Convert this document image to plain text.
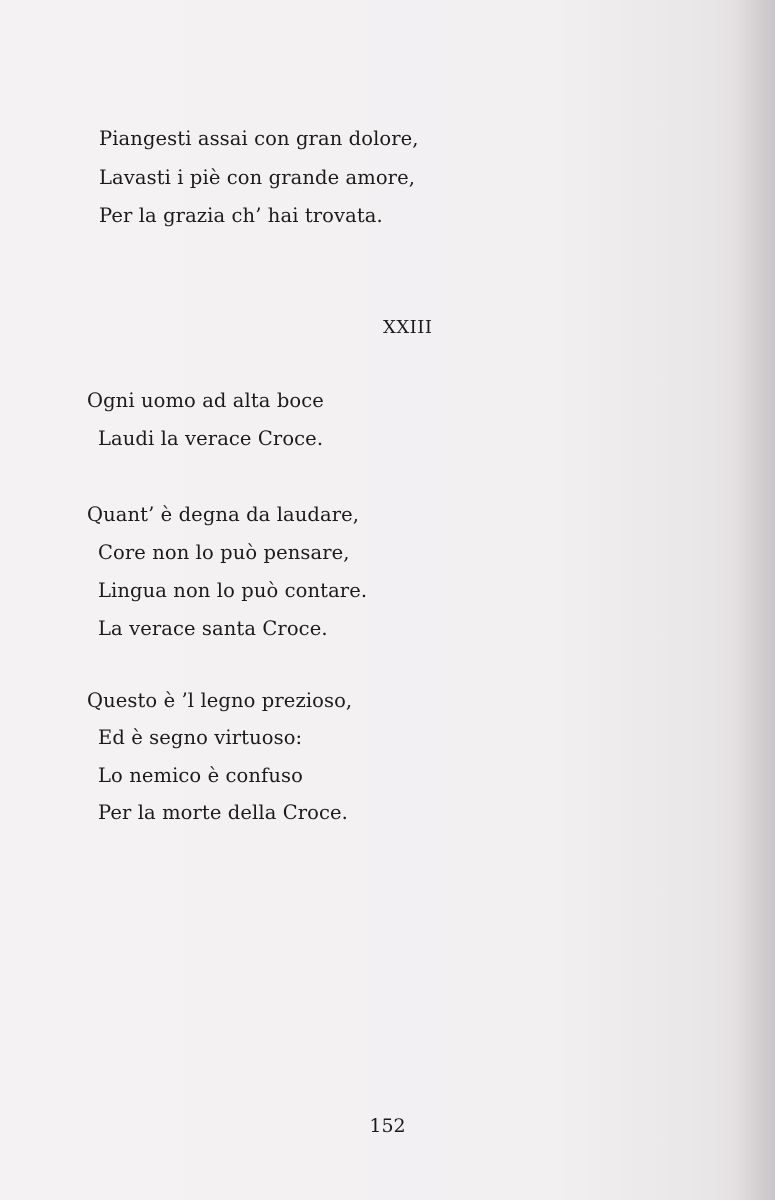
Piangesti assai con gran dolore,
Lavasti i piè con grande amore,
Per la grazia ch’ hai trovata.
XXIII
Ogni uomo ad alta boce
Laudi la verace Croce.
Quant’ è degna da laudare,
Core non lo può pensare,
Lingua non lo può contare.
La verace santa Croce.
Questo è ’l legno prezioso,
Ed è segno virtuoso:
Lo nemico è confuso
Per la morte della Croce.
152
